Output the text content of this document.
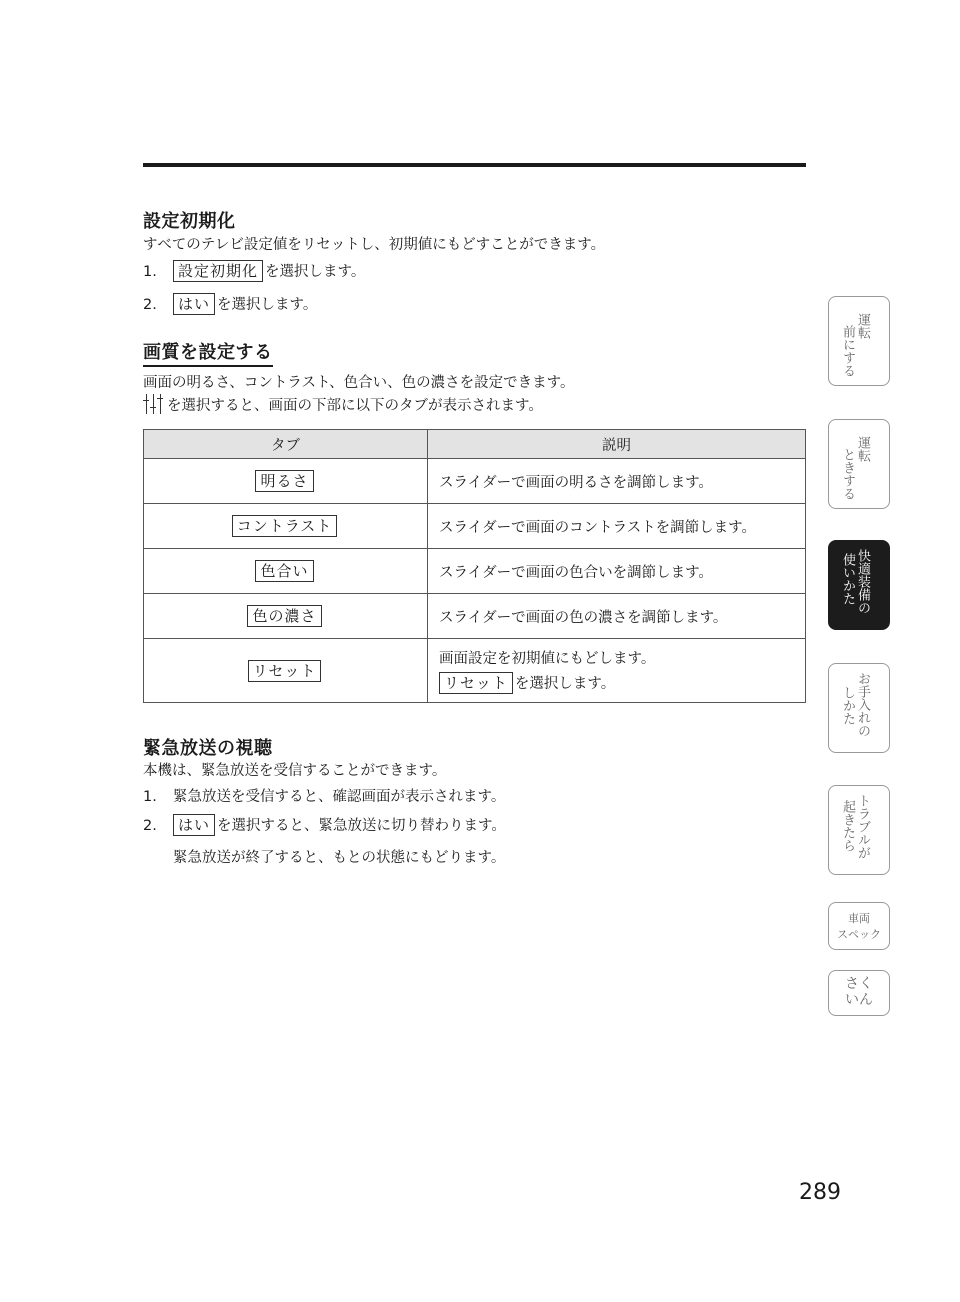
設定初期化
すべてのテレビ設定値をリセットし、初期値にもどすことができます。
1. 設定初期化 を選択します。
2. はい を選択します。
画質を設定する
画面の明るさ、コントラスト、色合い、色の濃さを設定できます。
を選択すると、画面の下部に以下のタブが表示されます。
タブ	説明
明るさ	スライダーで画面の明るさを調節します。
コントラスト	スライダーで画面のコントラストを調節します。
色合い	スライダーで画面の色合いを調節します。
色の濃さ	スライダーで画面の色の濃さを調節します。
リセット	画面設定を初期値にもどします。
リセット を選択します。
緊急放送の視聴
本機は、緊急放送を受信することができます。
1. 緊急放送を受信すると、確認画面が表示されます。
2. はい を選択すると、緊急放送に切り替わります。
緊急放送が終了すると、もとの状態にもどります。
運転
前にする
運転
ときする
快適装備の
使いかた
お手入れの
しかた
トラブルが
起きたら
車両
スペック
さく
いん
289
